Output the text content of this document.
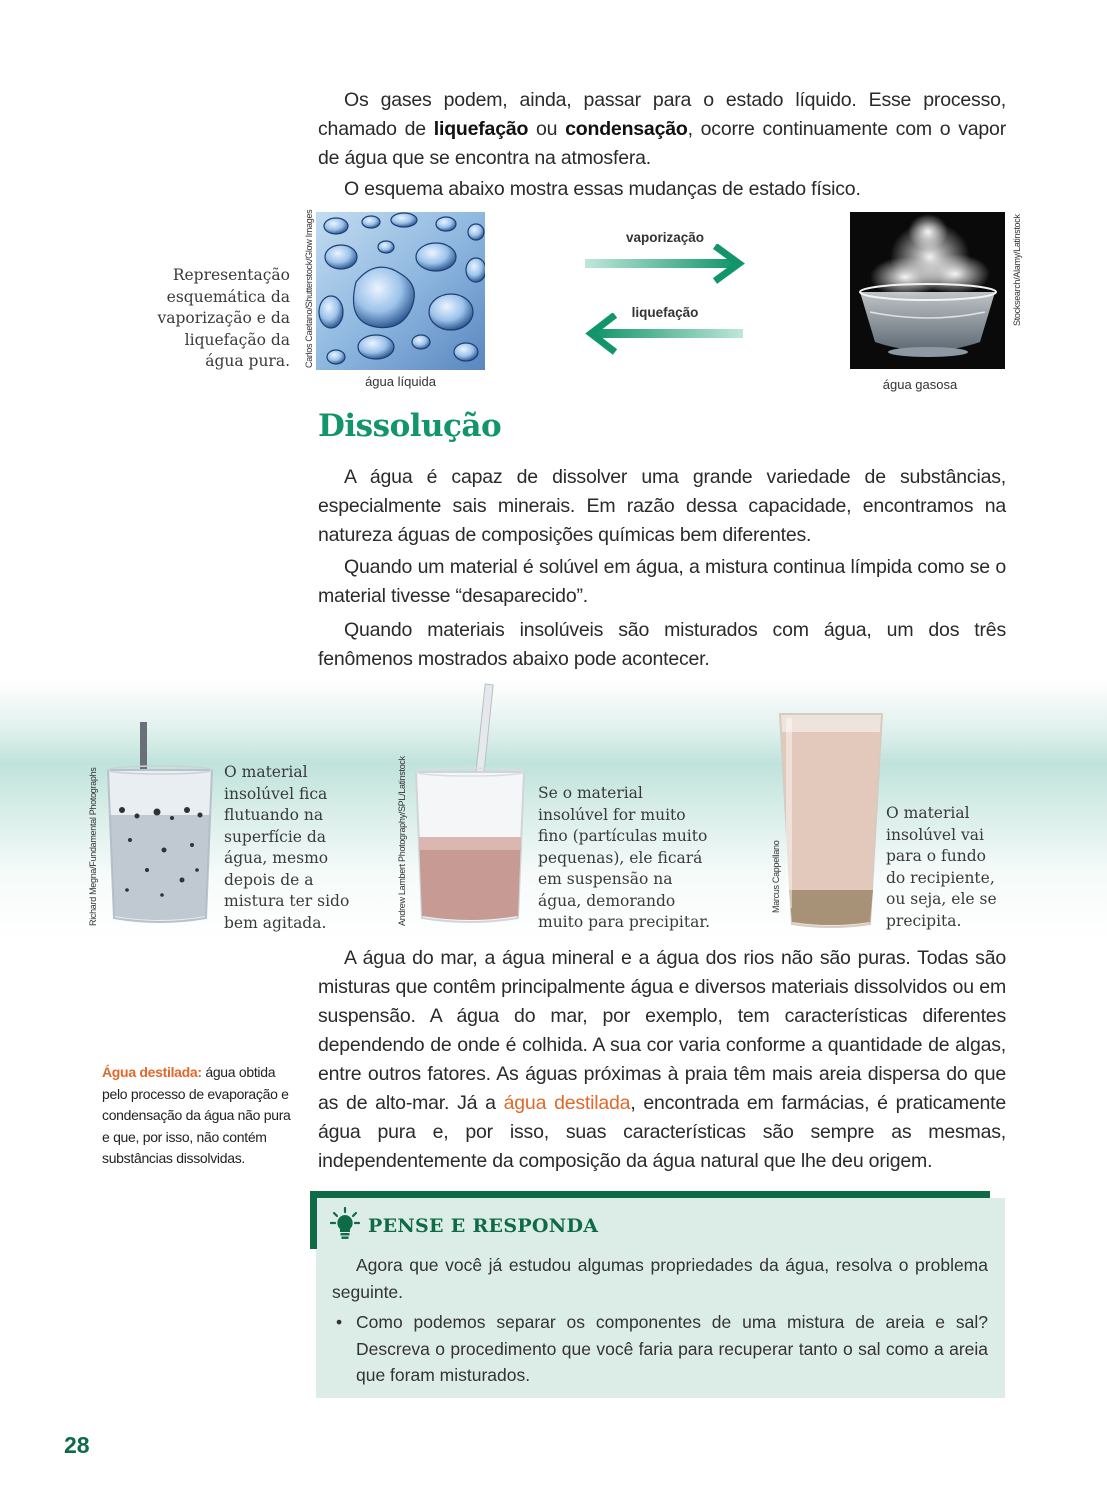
Os gases podem, ainda, passar para o estado líquido. Esse processo, chamado de liquefação ou condensação, ocorre continuamente com o vapor de água que se encontra na atmosfera.
O esquema abaixo mostra essas mudanças de estado físico.
Representação esquemática da vaporização e da liquefação da água pura. Carlos Caetano/Shutterstock/Glow Images
água líquida
vaporização
liquefação	Stocksearch/Alamy/Latinstock
água gasosa
Dissolução
A água é capaz de dissolver uma grande variedade de substâncias, especialmente sais minerais. Em razão dessa capacidade, encontramos na natureza águas de composições químicas bem diferentes.
Quando um material é solúvel em água, a mistura continua límpida como se o material tivesse “desaparecido”.
Quando materiais insolúveis são misturados com água, um dos três fenômenos mostrados abaixo pode acontecer.
Richard Megna/Fundamental Photographs	O material insolúvel fica flutuando na superfície da água, mesmo depois de a mistura ter sido bem agitada.	Andrew Lambert Photography/SPL/Latinstock	Se o material insolúvel for muito fino (partículas muito pequenas), ele ficará em suspensão na água, demorando muito para precipitar.
Marcus Cappellano
O material insolúvel vai para o fundo do recipiente, ou seja, ele se precipita.
A água do mar, a água mineral e a água dos rios não são puras. Todas são misturas que contêm principalmente água e diversos materiais dissolvidos ou em suspensão. A água do mar, por exemplo, tem características diferentes dependendo de onde é colhida. A sua cor varia conforme a quantidade de algas, entre outros fatores. As águas próximas à praia têm mais areia dispersa do que as de alto-mar. Já a água destilada, encontrada em farmácias, é praticamente água pura e, por isso, suas características são sempre as mesmas, independentemente da composição da água natural que lhe deu origem.
Água destilada: água obtida pelo processo de evaporação e condensação da água não pura e que, por isso, não contém substâncias dissolvidas.
PENSE E RESPONDA
Agora que você já estudou algumas propriedades da água, resolva o problema seguinte.
• Como podemos separar os componentes de uma mistura de areia e sal? Descreva o procedimento que você faria para recuperar tanto o sal como a areia que foram misturados.
28
